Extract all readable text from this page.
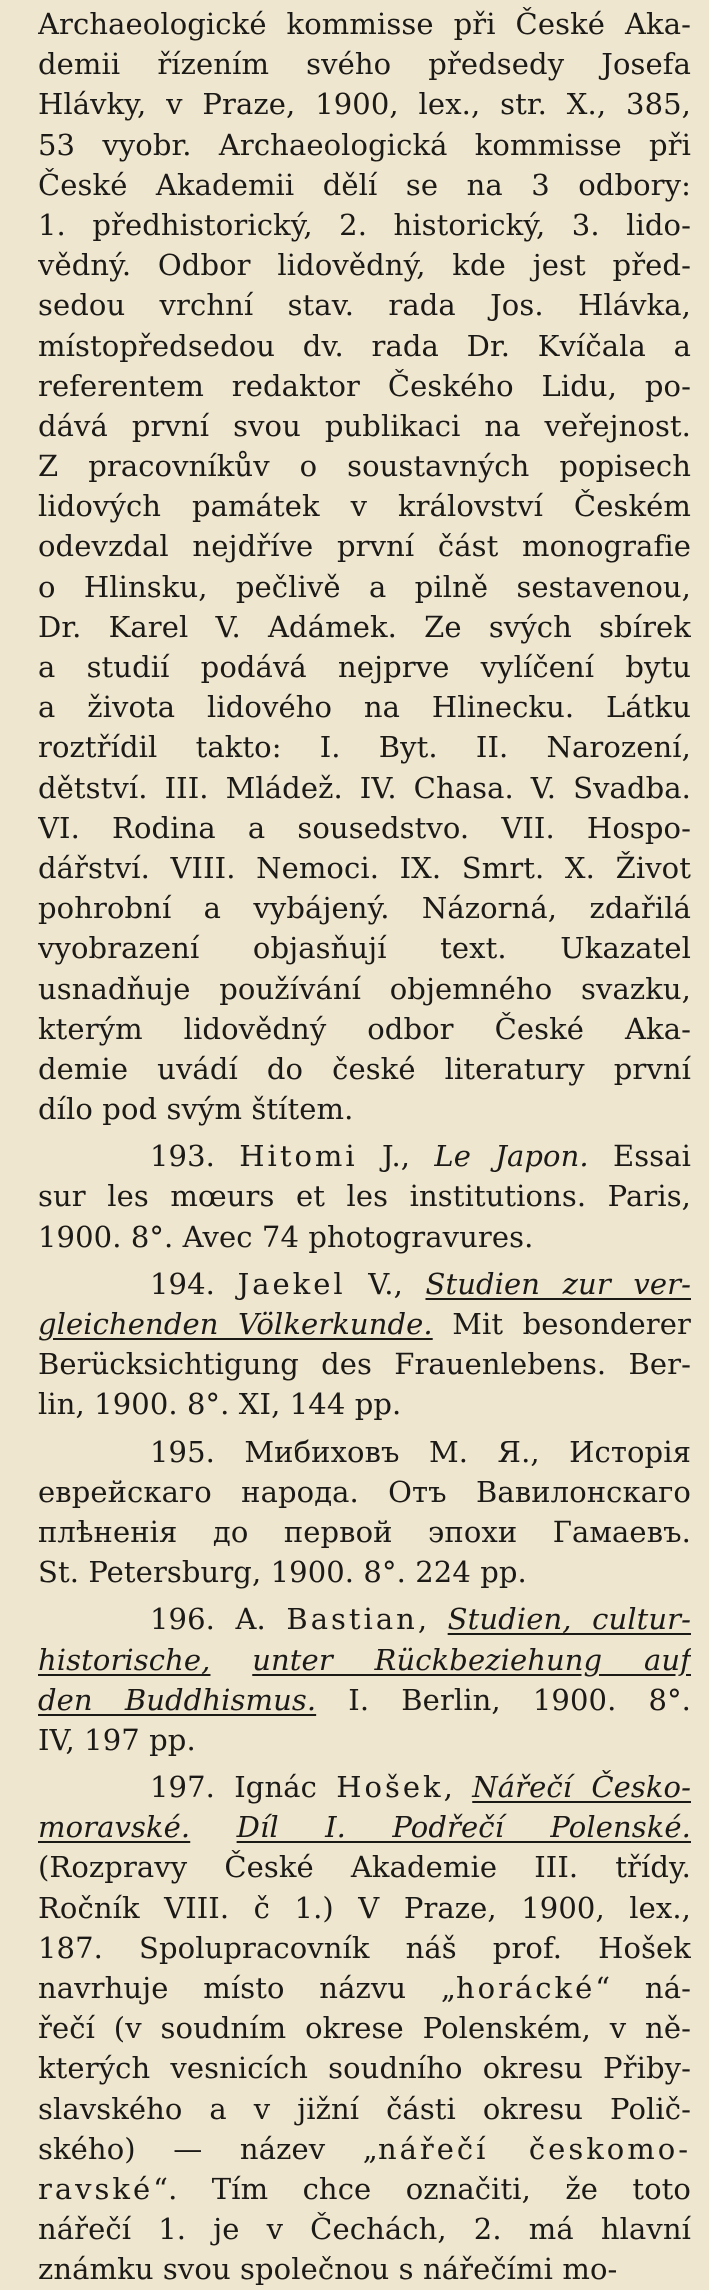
Archaeologické kommisse při České Aka-
demii řízením svého předsedy Josefa
Hlávky, v Praze, 1900, lex., str. X., 385,
53 vyobr. Archaeologická kommisse při
České Akademii dělí se na 3 odbory:
1. předhistorický, 2. historický, 3. lido-
vědný. Odbor lidovědný, kde jest před-
sedou vrchní stav. rada Jos. Hlávka,
místopředsedou dv. rada Dr. Kvíčala a
referentem redaktor Českého Lidu, po-
dává první svou publikaci na veřejnost.
Z pracovníkův o soustavných popisech
lidových památek v království Českém
odevzdal nejdříve první část monografie
o Hlinsku, pečlivě a pilně sestavenou,
Dr. Karel V. Adámek. Ze svých sbírek
a studií podává nejprve vylíčení bytu
a života lidového na Hlinecku. Látku
roztřídil takto: I. Byt. II. Narození,
dětství. III. Mládež. IV. Chasa. V. Svadba.
VI. Rodina a sousedstvo. VII. Hospo-
dářství. VIII. Nemoci. IX. Smrt. X. Život
pohrobní a vybájený. Názorná, zdařilá
vyobrazení objasňují text. Ukazatel
usnadňuje používání objemného svazku,
kterým lidovědný odbor České Aka-
demie uvádí do české literatury první
dílo pod svým štítem.
193. Hitomi J., Le Japon. Essai
sur les mœurs et les institutions. Paris,
1900. 8°. Avec 74 photogravures.
194. Jaekel V., Studien zur ver-
gleichenden Völkerkunde. Mit besonderer
Berücksichtigung des Frauenlebens. Ber-
lin, 1900. 8°. XI, 144 pp.
195. Мибиховъ М. Я., Исторія
еврейскаго народа. Отъ Вавилонскаго
плѣненія до первой эпохи Гамаевъ.
St. Petersburg, 1900. 8°. 224 pp.
196. A. Bastian, Studien, cultur-
historische, unter Rückbeziehung auf
den Buddhismus. I. Berlin, 1900. 8°.
IV, 197 pp.
197. Ignác Hošek, Nářečí Česko-
moravské. Díl I. Podřečí Polenské.
(Rozpravy České Akademie III. třídy.
Ročník VIII. č 1.) V Praze, 1900, lex.,
187. Spolupracovník náš prof. Hošek
navrhuje místo názvu „horácké“ ná-
řečí (v soudním okrese Polenském, v ně-
kterých vesnicích soudního okresu Přiby-
slavského a v jižní části okresu Polič-
ského) — název „nářečí českomo-
ravské“. Tím chce označiti, že toto
nářečí 1. je v Čechách, 2. má hlavní
známku svou společnou s nářečími mo-
